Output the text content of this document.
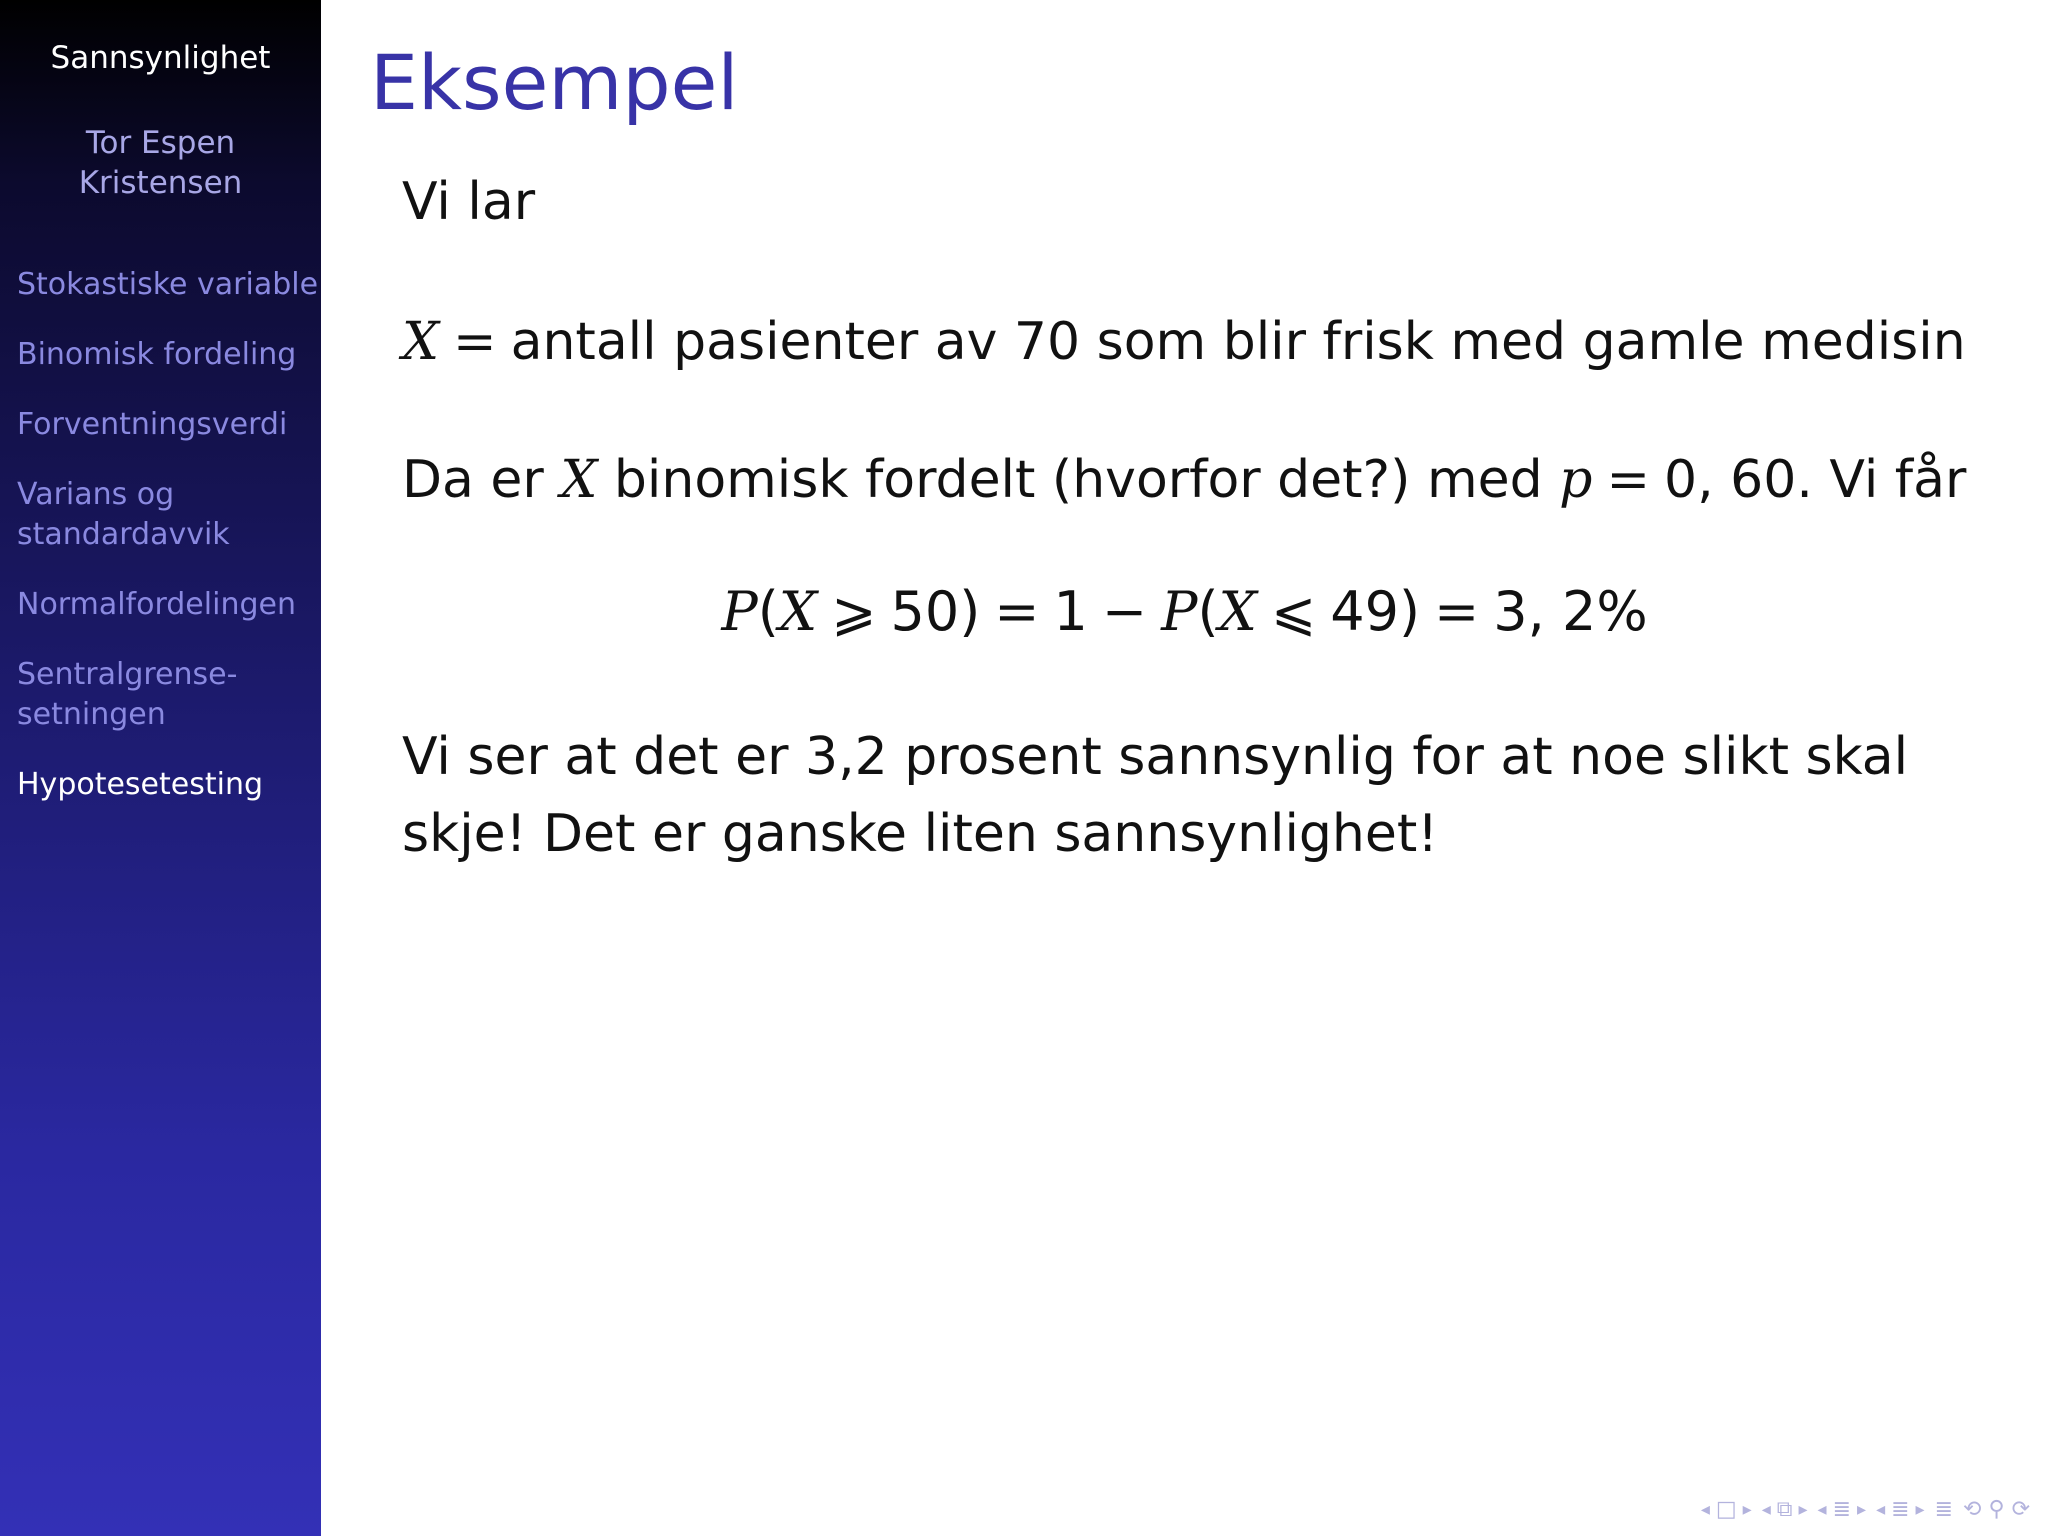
Sannsynlighet
Tor Espen
Kristensen
Stokastiske variable
Binomisk fordeling
Forventningsverdi
Varians og
standardavvik
Normalfordelingen
Sentralgrense-
setningen
Hypotesetesting
Eksempel
Vi lar
X = antall pasienter av 70 som blir frisk med gamle medisin
Da er X binomisk fordelt (hvorfor det?) med p = 0, 60. Vi får
P(X ⩾ 50) = 1 − P(X ⩽ 49) = 3, 2%
Vi ser at det er 3,2 prosent sannsynlig for at noe slikt skal
skje! Det er ganske liten sannsynlighet!
◂ □ ▸ ◂ ⧉ ▸ ◂ ≣ ▸ ◂ ≣ ▸ ≣ ⟲ ⚲ ⟳
